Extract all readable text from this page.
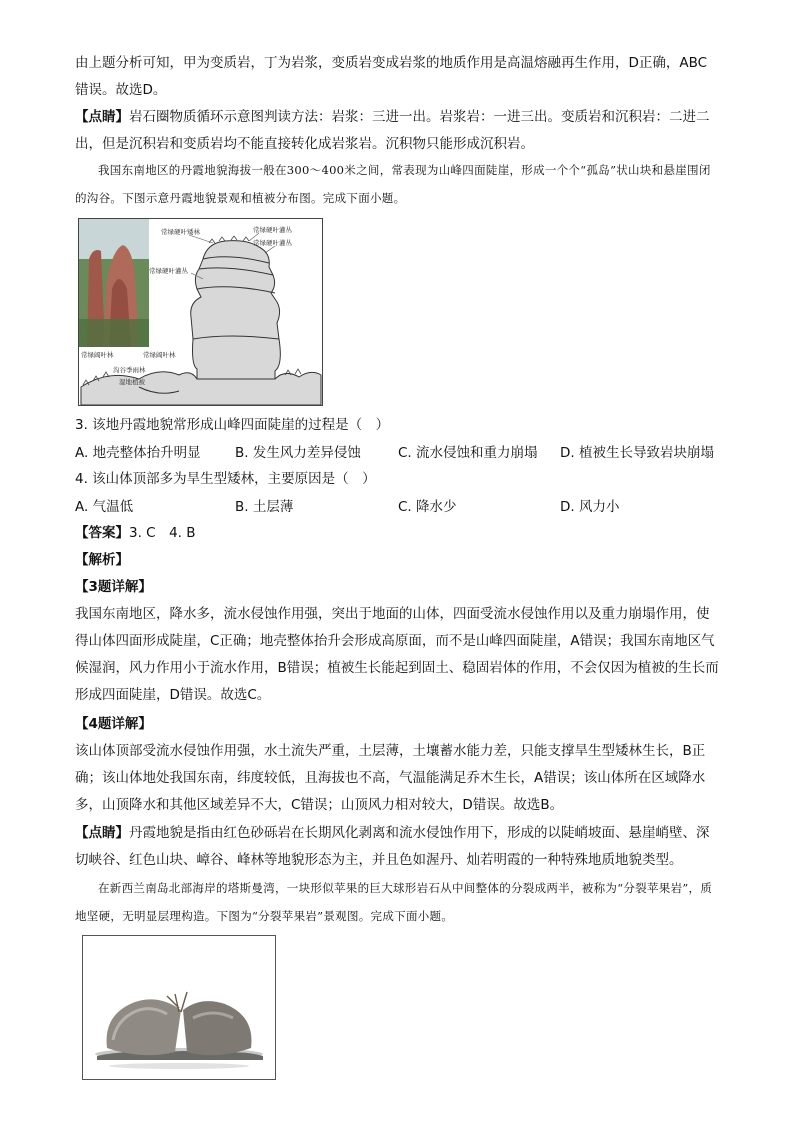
由上题分析可知，甲为变质岩，丁为岩浆，变质岩变成岩浆的地质作用是高温熔融再生作用，D正确，ABC错误。故选D。

【点睛】岩石圈物质循环示意图判读方法：岩浆：三进一出。岩浆岩：一进三出。变质岩和沉积岩：二进二出，但是沉积岩和变质岩均不能直接转化成岩浆岩。沉积物只能形成沉积岩。

我国东南地区的丹霞地貌海拔一般在300～400米之间，常表现为山峰四面陡崖，形成一个个“孤岛”状山块和悬崖围闭的沟谷。下图示意丹霞地貌景观和植被分布图。完成下面小题。

常绿硬叶矮林	常绿硬叶灌丛
常绿硬叶灌丛
常绿硬叶灌丛
常绿阔叶林	常绿阔叶林
沟谷季雨林
湿地植被

3. 该地丹霞地貌常形成山峰四面陡崖的过程是（　）

A. 地壳整体抬升明显	B. 发生风力差异侵蚀	C. 流水侵蚀和重力崩塌 D. 植被生长导致岩块崩塌

4. 该山体顶部多为旱生型矮林，主要原因是（　）

A. 气温低	B. 土层薄	C. 降水少	D. 风力小

【答案】3. C　4. B

【解析】

【3题详解】

我国东南地区，降水多，流水侵蚀作用强，突出于地面的山体，四面受流水侵蚀作用以及重力崩塌作用，使得山体四面形成陡崖，C正确；地壳整体抬升会形成高原面，而不是山峰四面陡崖，A错误；我国东南地区气候湿润，风力作用小于流水作用，B错误；植被生长能起到固土、稳固岩体的作用，不会仅因为植被的生长而形成四面陡崖，D错误。故选C。

【4题详解】

该山体顶部受流水侵蚀作用强，水土流失严重，土层薄，土壤蓄水能力差，只能支撑旱生型矮林生长，B正确；该山体地处我国东南，纬度较低，且海拔也不高，气温能满足乔木生长，A错误；该山体所在区域降水多，山顶降水和其他区域差异不大，C错误；山顶风力相对较大，D错误。故选B。

【点睛】丹霞地貌是指由红色砂砾岩在长期风化剥离和流水侵蚀作用下，形成的以陡峭坡面、悬崖峭壁、深切峡谷、红色山块、嶂谷、峰林等地貌形态为主，并且色如渥丹、灿若明霞的一种特殊地质地貌类型。

在新西兰南岛北部海岸的塔斯曼湾，一块形似苹果的巨大球形岩石从中间整体的分裂成两半，被称为“分裂苹果岩”，质地坚硬，无明显层理构造。下图为“分裂苹果岩”景观图。完成下面小题。
